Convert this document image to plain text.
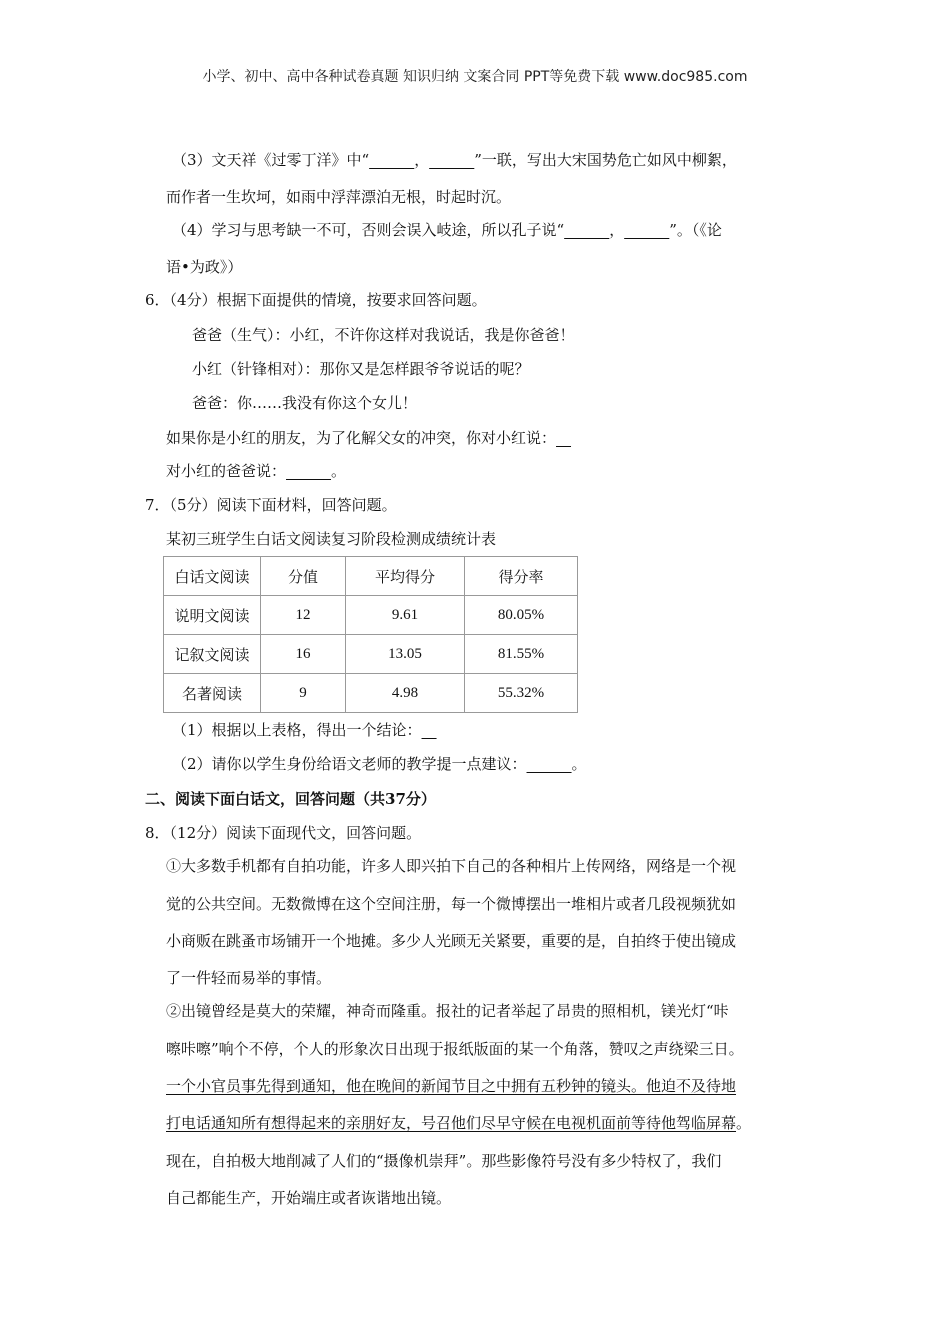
小学、初中、高中各种试卷真题 知识归纳 文案合同 PPT等免费下载 www.doc985.com
（3）文天祥《过零丁洋》中“______，______”一联，写出大宋国势危亡如风中柳絮，
而作者一生坎坷，如雨中浮萍漂泊无根，时起时沉。
（4）学习与思考缺一不可，否则会误入岐途，所以孔子说“______，______”。（《论
语•为政》）
6．（4分）根据下面提供的情境，按要求回答问题。
爸爸（生气）：小红，不许你这样对我说话，我是你爸爸！
小红（针锋相对）：那你又是怎样跟爷爷说话的呢？
爸爸：你……我没有你这个女儿！
如果你是小红的朋友，为了化解父女的冲突，你对小红说：__
对小红的爸爸说：______。
7．（5分）阅读下面材料，回答问题。
某初三班学生白话文阅读复习阶段检测成绩统计表
白话文阅读	分值	平均得分	得分率
说明文阅读	12	9.61	80.05%
记叙文阅读	16	13.05	81.55%
名著阅读	9	4.98	55.32%
（1）根据以上表格，得出一个结论：__
（2）请你以学生身份给语文老师的教学提一点建议：______。
二、阅读下面白话文，回答问题（共37分）
8．（12分）阅读下面现代文，回答问题。
①大多数手机都有自拍功能，许多人即兴拍下自己的各种相片上传网络，网络是一个视
觉的公共空间。无数微博在这个空间注册，每一个微博摆出一堆相片或者几段视频犹如
小商贩在跳蚤市场铺开一个地摊。多少人光顾无关紧要，重要的是，自拍终于使出镜成
了一件轻而易举的事情。
②出镜曾经是莫大的荣耀，神奇而隆重。报社的记者举起了昂贵的照相机，镁光灯“咔
嚓咔嚓”响个不停，个人的形象次日出现于报纸版面的某一个角落，赞叹之声绕梁三日。
一个小官员事先得到通知，他在晚间的新闻节目之中拥有五秒钟的镜头。他迫不及待地
打电话通知所有想得起来的亲朋好友，号召他们尽早守候在电视机面前等待他驾临屏幕。
现在，自拍极大地削减了人们的“摄像机崇拜”。那些影像符号没有多少特权了，我们
自己都能生产，开始端庄或者诙谐地出镜。
